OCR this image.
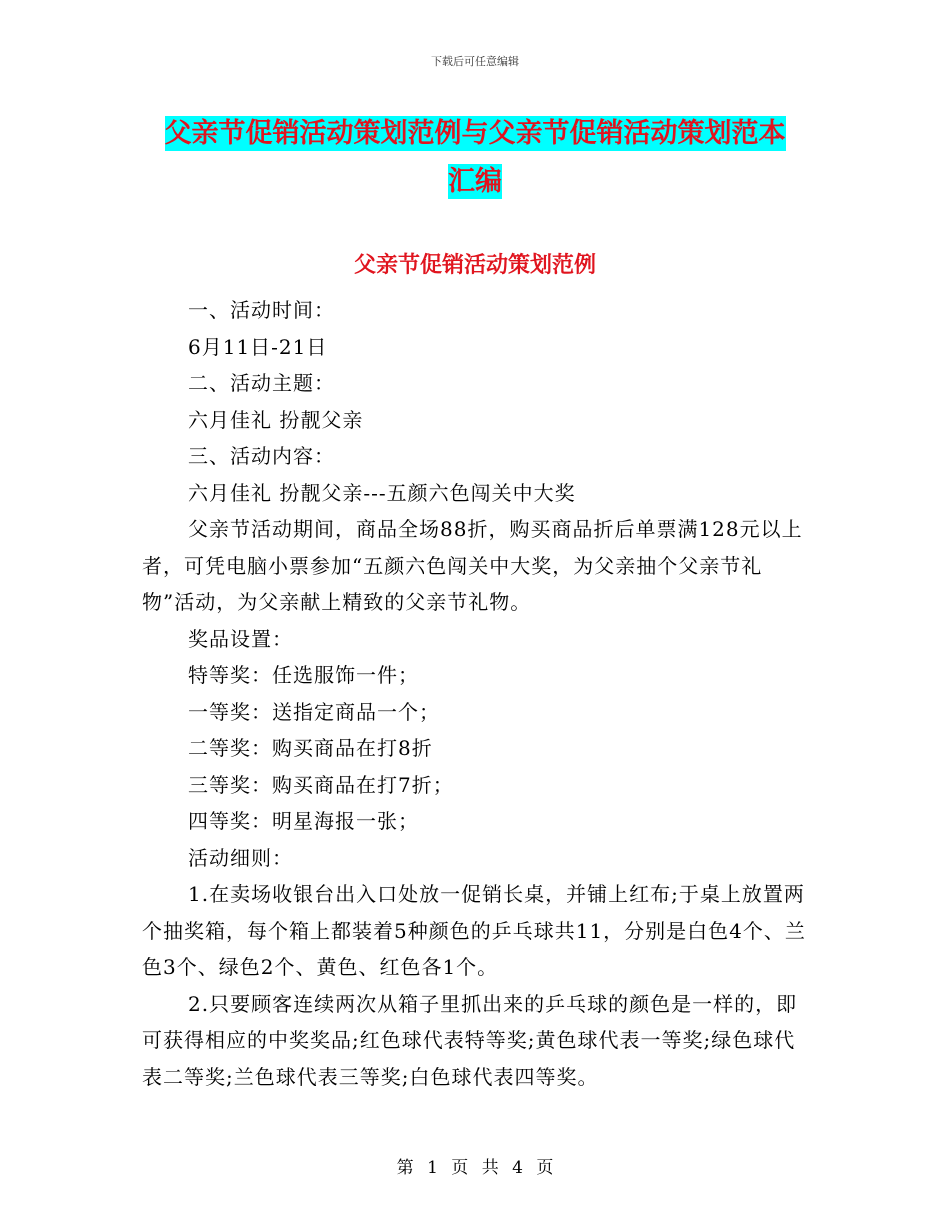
下载后可任意编辑
父亲节促销活动策划范例与父亲节促销活动策划范本
汇编
父亲节促销活动策划范例

一、活动时间：

6月11日-21日

二、活动主题：

六月佳礼 扮靓父亲

三、活动内容：

六月佳礼 扮靓父亲---五颜六色闯关中大奖

父亲节活动期间，商品全场88折，购买商品折后单票满128元以上者，可凭电脑小票参加“五颜六色闯关中大奖，为父亲抽个父亲节礼物”活动，为父亲献上精致的父亲节礼物。

奖品设置：

特等奖：任选服饰一件；

一等奖：送指定商品一个；

二等奖：购买商品在打8折

三等奖：购买商品在打7折；

四等奖：明星海报一张；

活动细则：

1.在卖场收银台出入口处放一促销长桌，并铺上红布;于桌上放置两个抽奖箱，每个箱上都装着5种颜色的乒乓球共11，分别是白色4个、兰色3个、绿色2个、黄色、红色各1个。

2.只要顾客连续两次从箱子里抓出来的乒乓球的颜色是一样的，即可获得相应的中奖奖品;红色球代表特等奖;黄色球代表一等奖;绿色球代表二等奖;兰色球代表三等奖;白色球代表四等奖。

第 1 页 共 4 页
